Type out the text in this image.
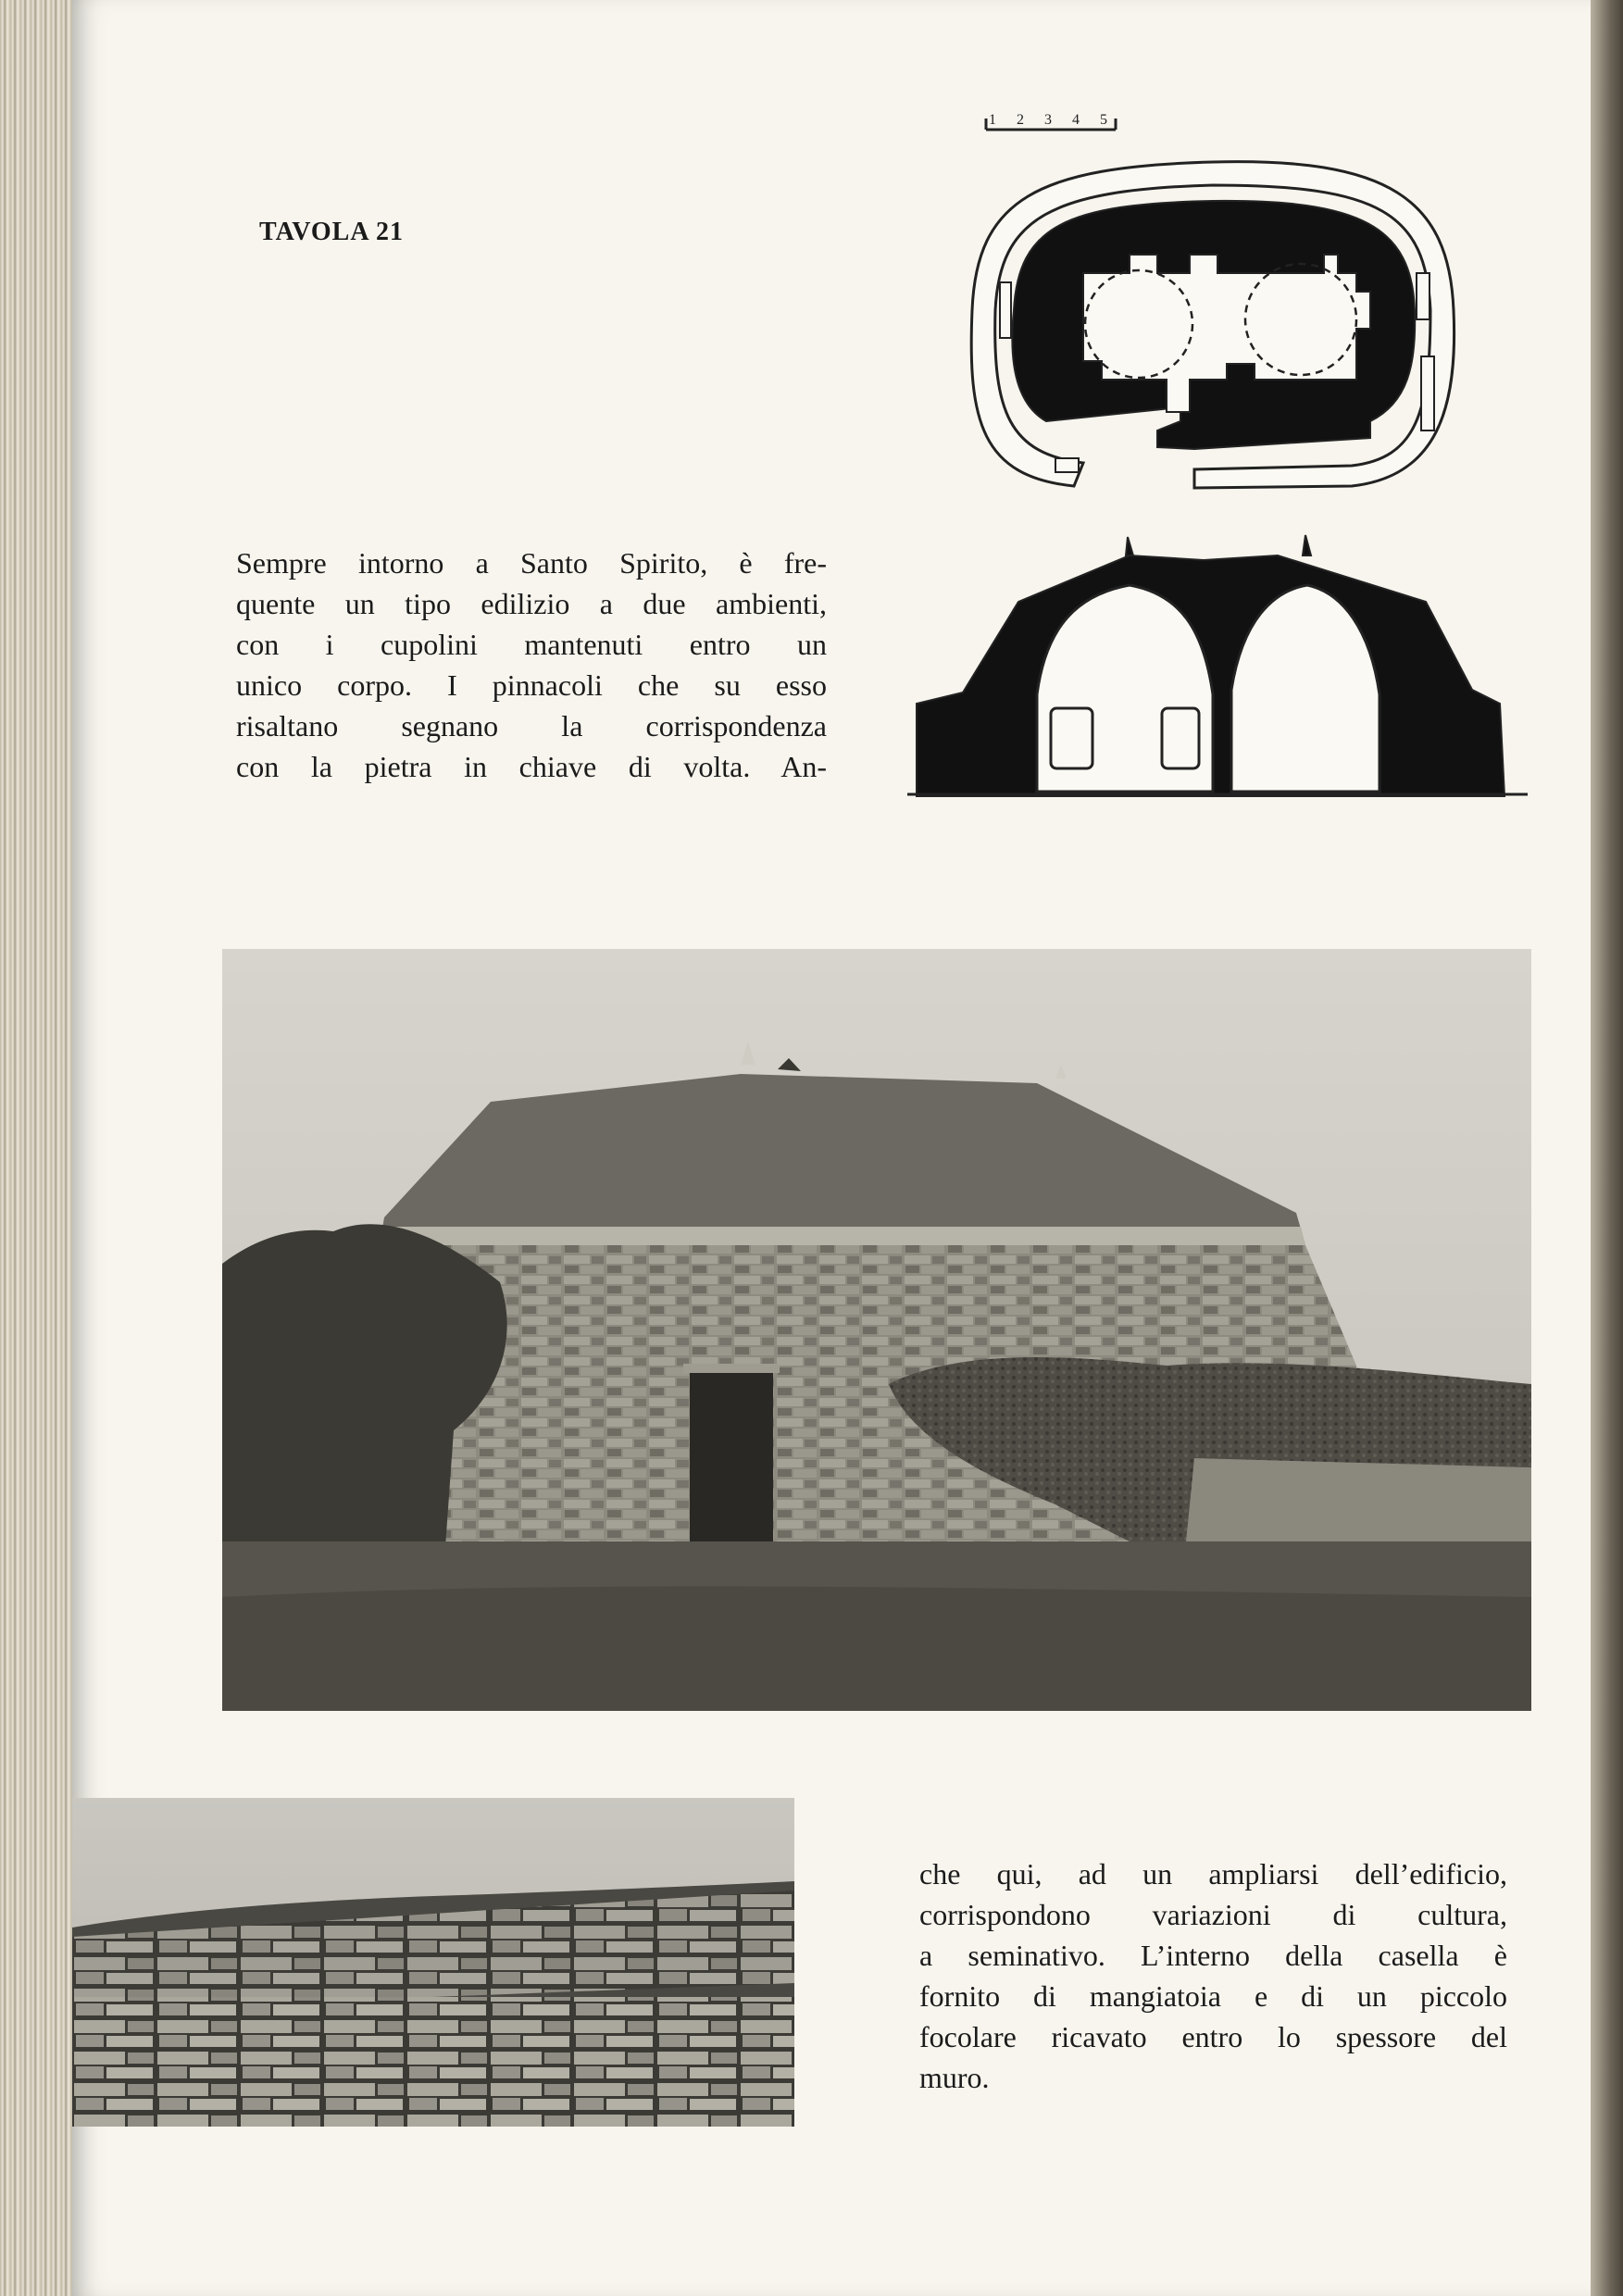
TAVOLA 21
1 2 3 4 5
Sempre intorno a Santo Spirito, è fre-
quente un tipo edilizio a due ambienti,
con i cupolini mantenuti entro un
unico corpo. I pinnacoli che su esso
risaltano segnano la corrispondenza
con la pietra in chiave di volta. An-
che qui, ad un ampliarsi dell’edificio,
corrispondono variazioni di cultura,
a seminativo. L’interno della casella è
fornito di mangiatoia e di un piccolo
focolare ricavato entro lo spessore del
muro.
